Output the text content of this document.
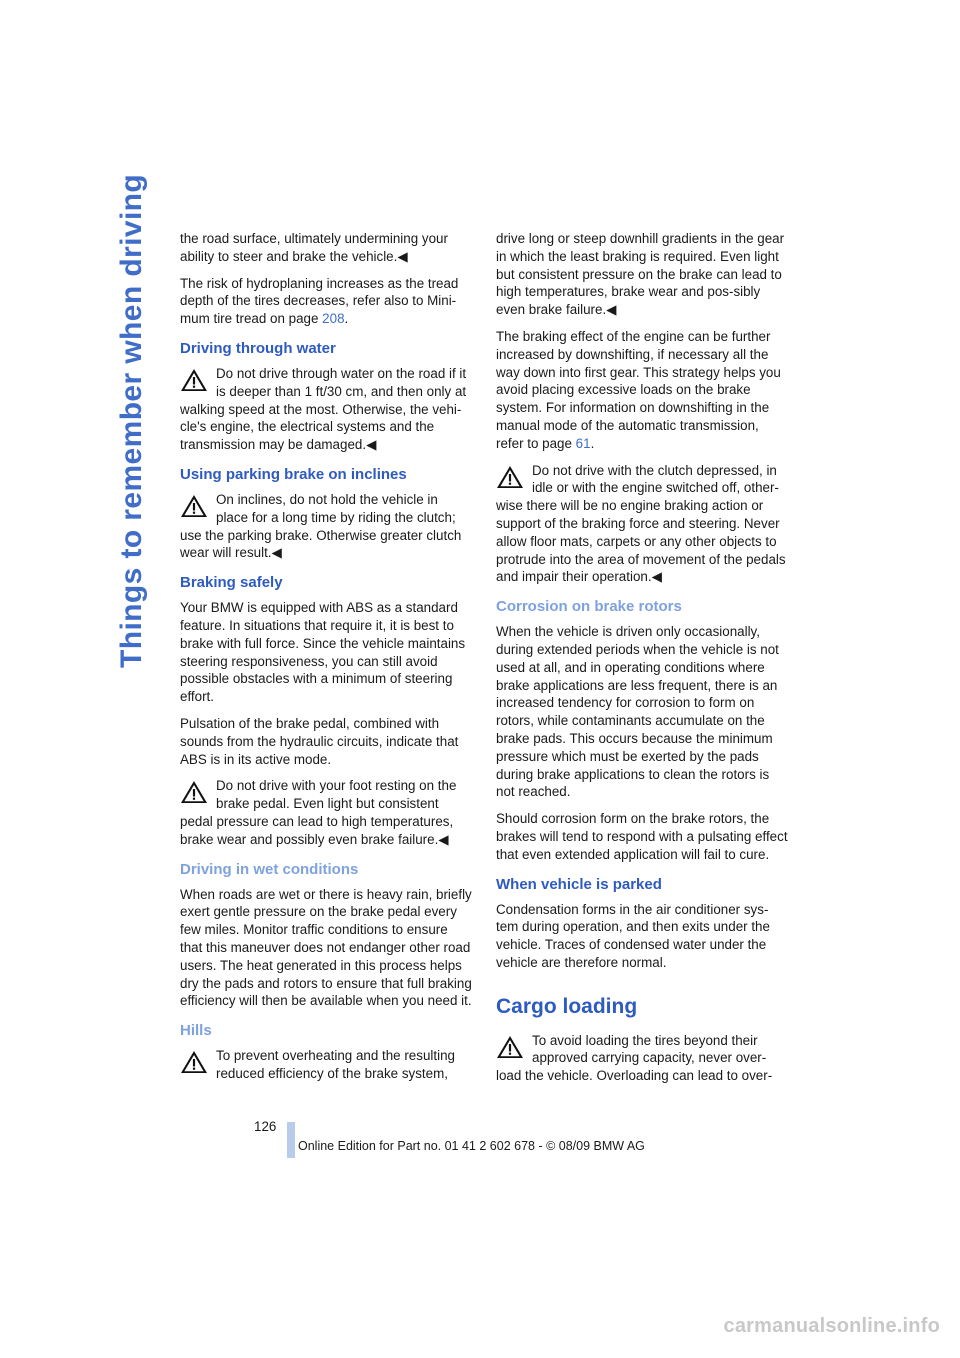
Things to remember when driving the road surface, ultimately undermining your ability to steer and brake the vehicle.◀

The risk of hydroplaning increases as the tread depth of the tires decreases, refer also to Mini-mum tire tread on page 208.

Driving through water
Do not drive through water on the road if it is deeper than 1 ft/30 cm, and then only at walking speed at the most. Otherwise, the vehi-cle's engine, the electrical systems and the transmission may be damaged.◀
Using parking brake on inclines
On inclines, do not hold the vehicle in place for a long time by riding the clutch; use the parking brake. Otherwise greater clutch wear will result.◀
Braking safely

Your BMW is equipped with ABS as a standard feature. In situations that require it, it is best to brake with full force. Since the vehicle maintains steering responsiveness, you can still avoid possible obstacles with a minimum of steering effort.

Pulsation of the brake pedal, combined with sounds from the hydraulic circuits, indicate that ABS is in its active mode.

Do not drive with your foot resting on the brake pedal. Even light but consistent pedal pressure can lead to high temperatures, brake wear and possibly even brake failure.◀
Driving in wet conditions

When roads are wet or there is heavy rain, briefly exert gentle pressure on the brake pedal every few miles. Monitor traffic conditions to ensure that this maneuver does not endanger other road users. The heat generated in this process helps dry the pads and rotors to ensure that full braking efficiency will then be available when you need it.

Hills
To prevent overheating and the resulting reduced efficiency of the brake system,

drive long or steep downhill gradients in the gear in which the least braking is required. Even light but consistent pressure on the brake can lead to high temperatures, brake wear and pos-sibly even brake failure.◀

The braking effect of the engine can be further increased by downshifting, if necessary all the way down into first gear. This strategy helps you avoid placing excessive loads on the brake system. For information on downshifting in the manual mode of the automatic transmission, refer to page 61.

Do not drive with the clutch depressed, in idle or with the engine switched off, other-wise there will be no engine braking action or support of the braking force and steering. Never allow floor mats, carpets or any other objects to protrude into the area of movement of the pedals and impair their operation.◀
Corrosion on brake rotors

When the vehicle is driven only occasionally, during extended periods when the vehicle is not used at all, and in operating conditions where brake applications are less frequent, there is an increased tendency for corrosion to form on rotors, while contaminants accumulate on the brake pads. This occurs because the minimum pressure which must be exerted by the pads during brake applications to clean the rotors is not reached.

Should corrosion form on the brake rotors, the brakes will tend to respond with a pulsating effect that even extended application will fail to cure.

When vehicle is parked

Condensation forms in the air conditioner sys-tem during operation, and then exits under the vehicle. Traces of condensed water under the vehicle are therefore normal.

Cargo loading
To avoid loading the tires beyond their approved carrying capacity, never over-load the vehicle. Overloading can lead to over-
126
Online Edition for Part no. 01 41 2 602 678 - © 08/09 BMW AG
carmanualsonline.info
